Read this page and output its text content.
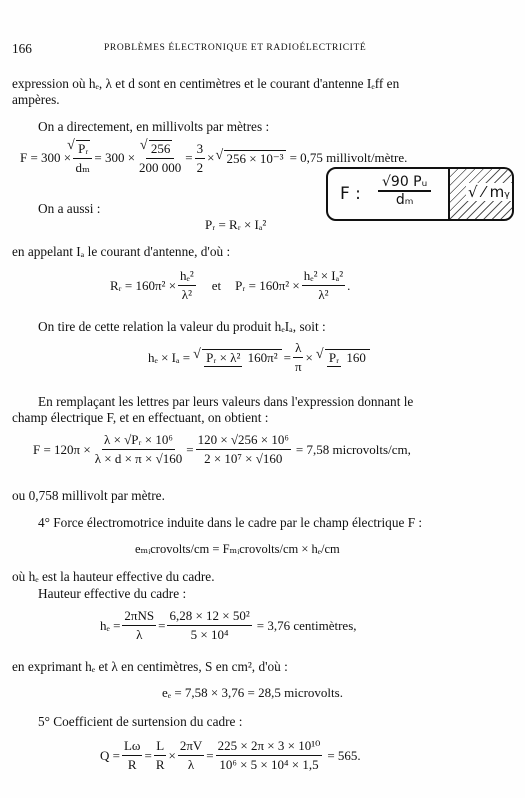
166	PROBLÈMES ÉLECTRONIQUE ET RADIOÉLECTRICITÉ
expression où hₑ, λ et d sont en centimètres et le courant d'antenne Iₑff en
ampères.
On a directement, en millivolts par mètres :
F = 300 × √ $\frac{\text{Pᵣ}}{\text{dₘ}} = 300$ × √ $\frac{256}{200 000} = \frac{3}{2}$ × √ 256 × 10⁻³ = 0,75 millivolt/mètre.
F : $\frac{\text{√90 Pᵤ}}{\text{dₘ}}$ √ ⁄ mᵧ
On a aussi :
Pᵣ = Rᵣ × Iₐ²
en appelant Iₐ le courant d'antenne, d'où :
Rᵣ = $160\pi^2 \times \frac{\text{hₑ²}}{\text{λ²}}$ et Pᵣ = $160\pi^2 \times \frac{\text{hₑ² × Iₐ²}}{\text{λ²}}$ .
On tire de cette relation la valeur du produit hₑIₐ, soit :
hₑ × Iₐ =	√ Pᵣ × λ² $160\pi^2 = \frac{\lambda}{\pi}$ ×	√ Pᵣ 160
En remplaçant les lettres par leurs valeurs dans l'expression donnant le
champ électrique F, et en effectuant, on obtient :
$F = 120\pi \times \frac{\text{λ × √Pᵣ × 10⁶}}{\lambda \times d \times \pi \times √160} = \frac{\text{120 × √256 × 10⁶}}{\text{2 × 10⁷ × √160}} = 7,58$ microvolts/cm,
ou 0,758 millivolt par mètre.
4° Force électromotrice induite dans le cadre par le champ électrique F :
eₘᵢcrovolts/cm = Fₘᵢcrovolts/cm × hₑ/cm
où hₑ est la hauteur effective du cadre.
Hauteur effective du cadre :
$h_e = \frac{\text{2πNS}}{\lambda} = \frac{\text{6,28 × 12 × 50²}}{\text{5 × 10⁴}} = 3,76$ centimètres,
en exprimant hₑ et λ en centimètres, S en cm², d'où :
eₑ = 7,58 × 3,76 = 28,5 microvolts.
5° Coefficient de surtension du cadre :
$Q = \frac{L\omega}{R} = \frac{L}{R} \times \frac{2\pi V}{\lambda} = \frac{\text{225 × 2π × 3 × 10¹⁰}}{\text{10⁶ × 5 × 10⁴ × 1,5}} = 565$.
